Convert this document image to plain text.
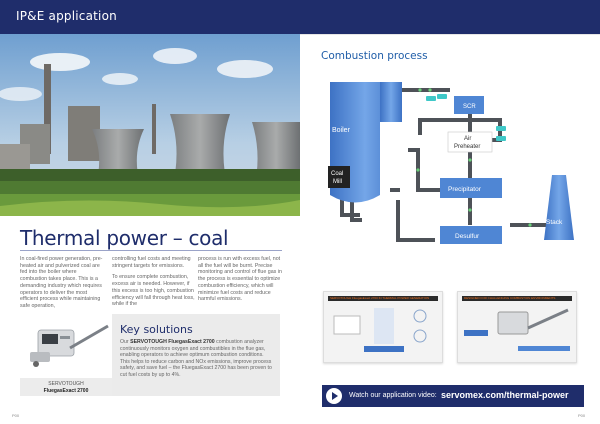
IP&E application
Thermal power – coal

In coal-fired power generation, pre-heated air and pulverized coal are fed into the boiler where combustion takes place. This is a demanding industry which requires operators to deliver the most efficient process while maintaining safe operation,

controlling fuel costs and meeting stringent targets for emissions.

To ensure complete combustion, excess air is needed. However, if this excess is too high, combustion efficiency will fall through heat loss, while if the

process is run with excess fuel, not all the fuel will be burnt. Precise monitoring and control of flue gas in the process is essential to optimize combustion efficiency, which will minimize fuel costs and reduce harmful emissions.

SERVOTOUGH
FluegasExact 2700
Key solutions
Our SERVOTOUGH FluegasExact 2700 combustion analyzer continuously monitors oxygen and combustibles in the flue gas, enabling operators to achieve optimum combustion conditions. This helps to reduce carbon and NOx emissions, improve process safety, and save fuel – the FluegasExact 2700 has been proven to cut fuel costs by up to 4%.
P00
Combustion process
Boiler
SCR
Air
Preheater
Coal
Mill
Precipitator
Stack
Desulfur
SERVOTOUGH FluegasExact 2700 IN THERMAL POWER GENERATION	DESIGNED FOR CHALLENGING COMBUSTION ENVIRONMENTS
Watch our application video: servomex.com/thermal-power
P00
